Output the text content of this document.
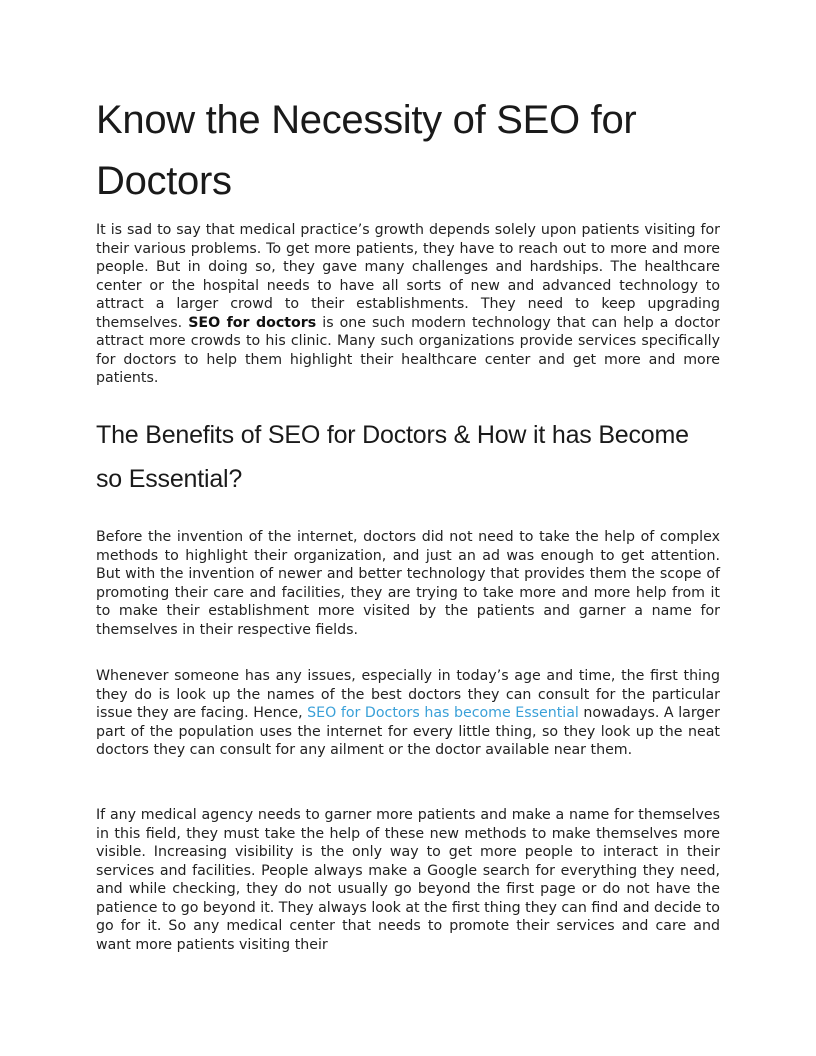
Know the Necessity of SEO for Doctors

It is sad to say that medical practice’s growth depends solely upon patients visiting for their various problems. To get more patients, they have to reach out to more and more people. But in doing so, they gave many challenges and hardships. The healthcare center or the hospital needs to have all sorts of new and advanced technology to attract a larger crowd to their establishments. They need to keep upgrading themselves. SEO for doctors is one such modern technology that can help a doctor attract more crowds to his clinic. Many such organizations provide services specifically for doctors to help them highlight their healthcare center and get more and more patients.

The Benefits of SEO for Doctors & How it has Become so Essential?

Before the invention of the internet, doctors did not need to take the help of complex methods to highlight their organization, and just an ad was enough to get attention. But with the invention of newer and better technology that provides them the scope of promoting their care and facilities, they are trying to take more and more help from it to make their establishment more visited by the patients and garner a name for themselves in their respective fields.

Whenever someone has any issues, especially in today’s age and time, the first thing they do is look up the names of the best doctors they can consult for the particular issue they are facing. Hence, SEO for Doctors has become Essential nowadays. A larger part of the population uses the internet for every little thing, so they look up the neat doctors they can consult for any ailment or the doctor available near them.

If any medical agency needs to garner more patients and make a name for themselves in this field, they must take the help of these new methods to make themselves more visible. Increasing visibility is the only way to get more people to interact in their services and facilities. People always make a Google search for everything they need, and while checking, they do not usually go beyond the first page or do not have the patience to go beyond it. They always look at the first thing they can find and decide to go for it. So any medical center that needs to promote their services and care and want more patients visiting their
